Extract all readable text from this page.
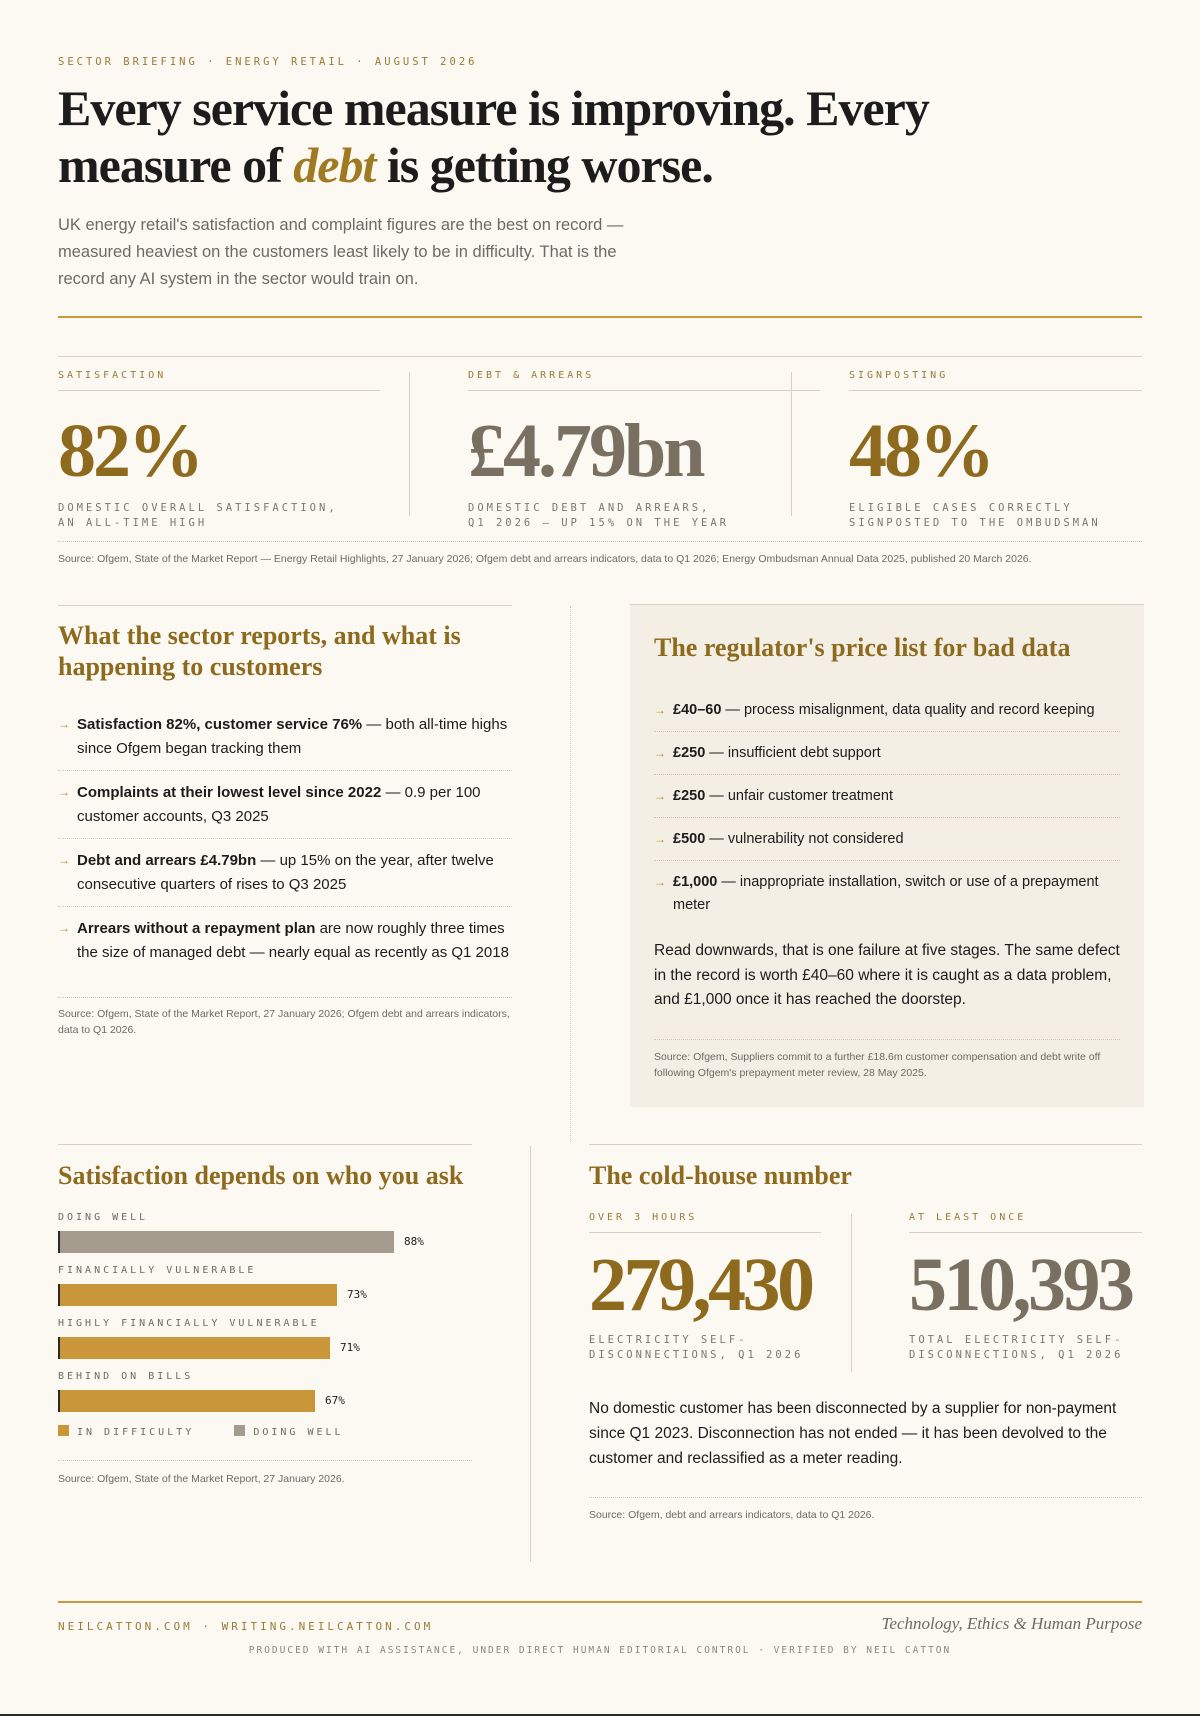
SECTOR BRIEFING · ENERGY RETAIL · AUGUST 2026
Every service measure is improving. Every measure of debt is getting worse.

UK energy retail's satisfaction and complaint figures are the best on record — measured heaviest on the customers least likely to be in difficulty. That is the record any AI system in the sector would train on.

SATISFACTION
82%
DOMESTIC OVERALL SATISFACTION,
AN ALL-TIME HIGH
DEBT & ARREARS
£4.79bn
DOMESTIC DEBT AND ARREARS,
Q1 2026 — UP 15% ON THE YEAR
SIGNPOSTING
48%
ELIGIBLE CASES CORRECTLY
SIGNPOSTED TO THE OMBUDSMAN
Source: Ofgem, State of the Market Report — Energy Retail Highlights, 27 January 2026; Ofgem debt and arrears indicators, data to Q1 2026; Energy Ombudsman Annual Data 2025, published 20 March 2026.
What the sector reports, and what is happening to customers
→ Satisfaction 82%, customer service 76% — both all-time highs since Ofgem began tracking them
→ Complaints at their lowest level since 2022 — 0.9 per 100 customer accounts, Q3 2025
→ Debt and arrears £4.79bn — up 15% on the year, after twelve consecutive quarters of rises to Q3 2025
→ Arrears without a repayment plan are now roughly three times the size of managed debt — nearly equal as recently as Q1 2018
Source: Ofgem, State of the Market Report, 27 January 2026; Ofgem debt and arrears indicators, data to Q1 2026.
The regulator's price list for bad data
→ £40–60 — process misalignment, data quality and record keeping
→ £250 — insufficient debt support
→ £250 — unfair customer treatment
→ £500 — vulnerability not considered
→ £1,000 — inappropriate installation, switch or use of a prepayment meter

Read downwards, that is one failure at five stages. The same defect in the record is worth £40–60 where it is caught as a data problem, and £1,000 once it has reached the doorstep.

Source: Ofgem, Suppliers commit to a further £18.6m customer compensation and debt write off following Ofgem's prepayment meter review, 28 May 2025.
Satisfaction depends on who you ask
DOING WELL
88%
FINANCIALLY VULNERABLE
73%
HIGHLY FINANCIALLY VULNERABLE
71%
BEHIND ON BILLS
67%
IN DIFFICULTY	DOING WELL
Source: Ofgem, State of the Market Report, 27 January 2026.
The cold-house number
OVER 3 HOURS
279,430
ELECTRICITY SELF-DISCONNECTIONS, Q1 2026
AT LEAST ONCE
510,393
TOTAL ELECTRICITY SELF-DISCONNECTIONS, Q1 2026

No domestic customer has been disconnected by a supplier for non-payment since Q1 2023. Disconnection has not ended — it has been devolved to the customer and reclassified as a meter reading.

Source: Ofgem, debt and arrears indicators, data to Q1 2026.
NEILCATTON.COM · WRITING.NEILCATTON.COM	Technology, Ethics & Human Purpose
PRODUCED WITH AI ASSISTANCE, UNDER DIRECT HUMAN EDITORIAL CONTROL · VERIFIED BY NEIL CATTON
